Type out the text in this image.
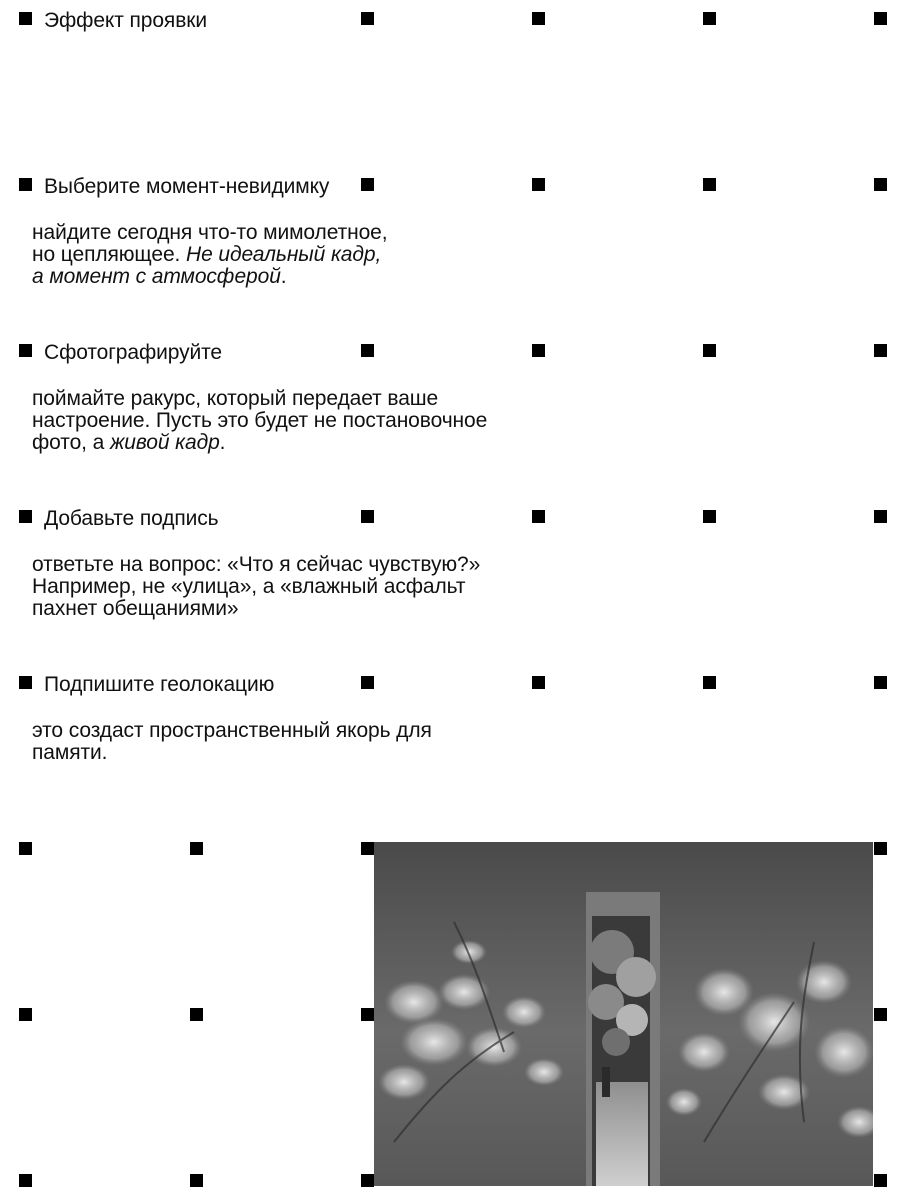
Эффект проявки
Выберите момент-невидимку

найдите сегодня что-то мимолетное,

но цепляющее. Не идеальный кадр,

а момент с атмосферой.

Сфотографируйте

поймайте ракурс, который передает ваше

настроение. Пусть это будет не постановочное

фото, а живой кадр.

Добавьте подпись

ответьте на вопрос: «Что я сейчас чувствую?»

Например, не «улица», а «влажный асфальт

пахнет обещаниями»

Подпишите геолокацию

это создаст пространственный якорь для

памяти.
